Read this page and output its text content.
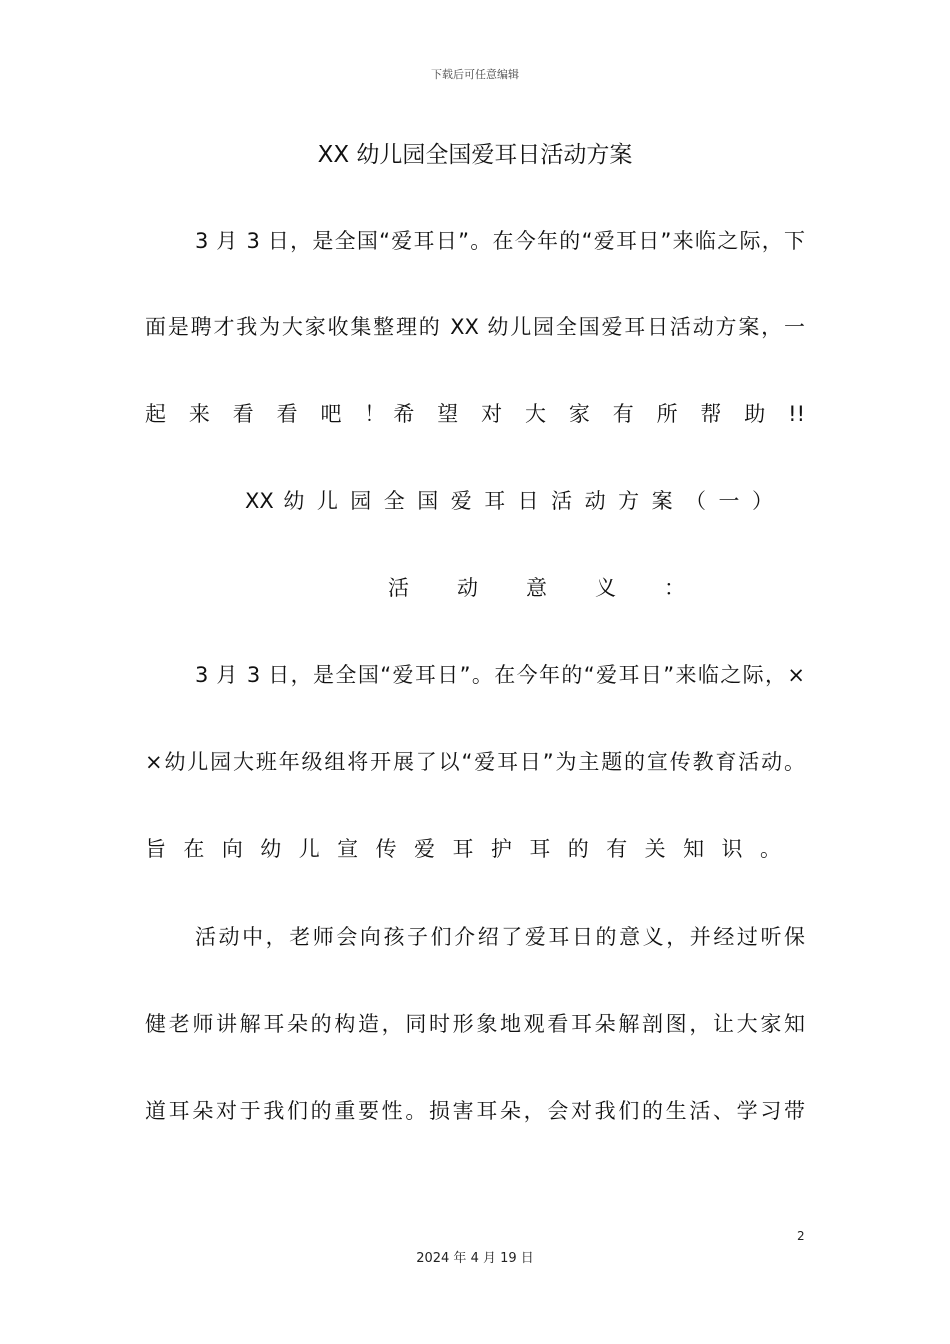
下载后可任意编辑
XX 幼儿园全国爱耳日活动方案
3 月 3 日，是全国“爱耳日”。在今年的“爱耳日”来临之际，下
面是聘才我为大家收集整理的 XX 幼儿园全国爱耳日活动方案，一
起 来 看 看 吧 ！希 望 对 大 家 有 所 帮 助 !!
XX 幼 儿 园 全 国 爱 耳 日 活 动 方 案 （ 一 ）
活 动 意 义 ：
3 月 3 日，是全国“爱耳日”。在今年的“爱耳日”来临之际，×
×幼儿园大班年级组将开展了以“爱耳日”为主题的宣传教育活动。
旨 在 向 幼 儿 宣 传 爱 耳 护 耳 的 有 关 知 识 。
活动中，老师会向孩子们介绍了爱耳日的意义，并经过听保
健老师讲解耳朵的构造，同时形象地观看耳朵解剖图，让大家知
道耳朵对于我们的重要性。损害耳朵，会对我们的生活、学习带
2
2024 年 4 月 19 日
